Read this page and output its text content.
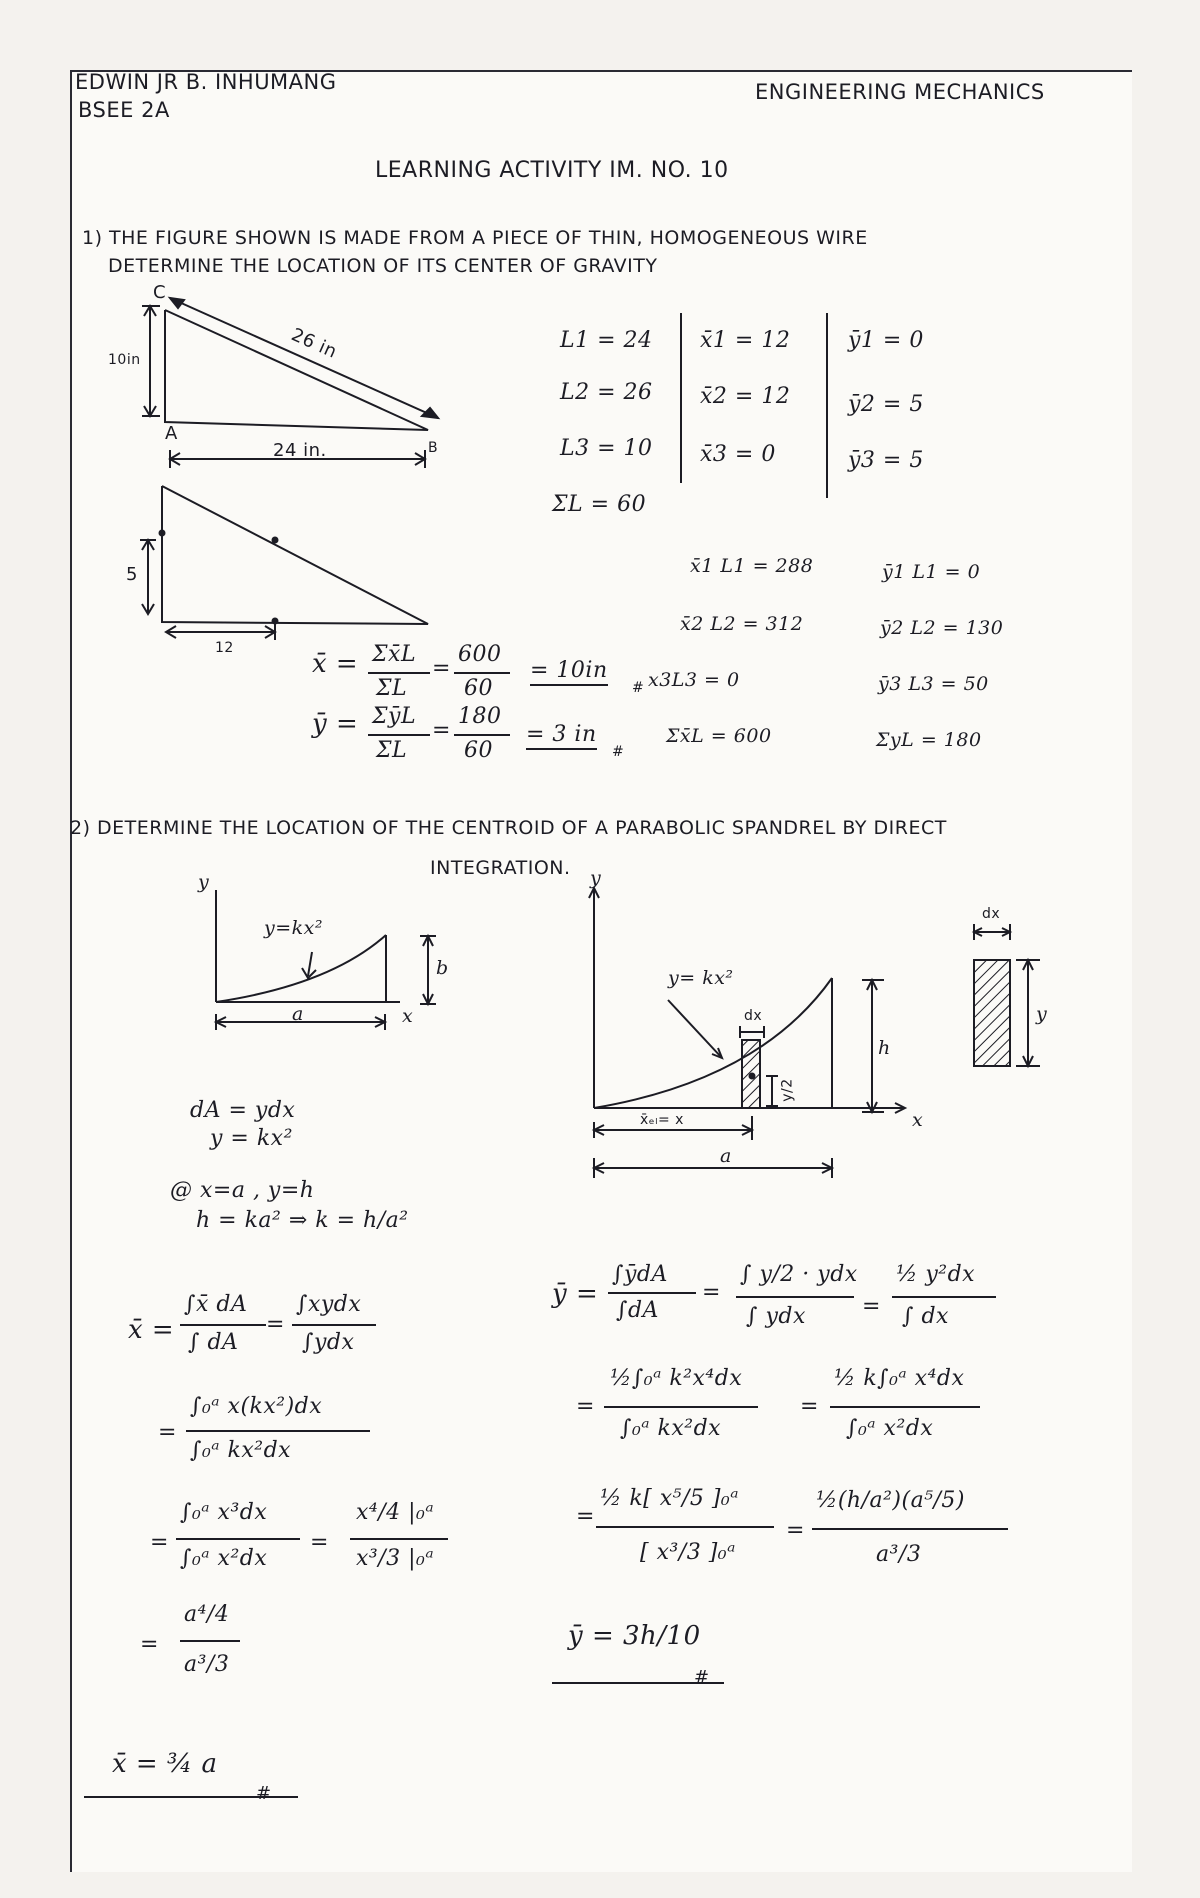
EDWIN JR B. INHUMANG
BSEE 2A
ENGINEERING MECHANICS
LEARNING ACTIVITY IM. NO. 10
1) THE FIGURE SHOWN IS MADE FROM A PIECE OF THIN, HOMOGENEOUS WIRE
DETERMINE THE LOCATION OF ITS CENTER OF GRAVITY
C
A
B
26 in
10in
24 in.
5
12
L1 = 24
L2 = 26
L3 = 10
ΣL = 60
x̄1 = 12
x̄2 = 12
x̄3 = 0
ȳ1 = 0
ȳ2 = 5
ȳ3 = 5
x̄1 L1 = 288
x̄2 L2 = 312
x3L3 = 0
Σx̄L = 600
ȳ1 L1 = 0
ȳ2 L2 = 130
ȳ3 L3 = 50
ΣyL = 180
x̄ = Σx̄L
ΣL
=
600
60
= 10in
#
ȳ = ΣȳL
ΣL
=
180
60
= 3 in
#
2) DETERMINE THE LOCATION OF THE CENTROID OF A PARABOLIC SPANDREL BY DIRECT
INTEGRATION.
y
x
y=kx²
a
b
y
x
y= kx²
dx
h
y/2
x̄ₑₗ= x
a
dx
y
dA = ydx
y = kx²
@ x=a , y=h
h = ka² ⇒ k = h/a²
x̄ =
∫x̄ dA
∫ dA
=
∫xydx
∫ydx
=
∫₀ᵃ x(kx²)dx
∫₀ᵃ kx²dx
=
∫₀ᵃ x³dx
∫₀ᵃ x²dx
=
x⁴/4 |₀ᵃ
x³/3 |₀ᵃ
=
a⁴/4
a³/3
x̄ = ¾ a
#
ȳ =
∫ȳdA
∫dA
=
∫ y/2 · ydx
∫ ydx	=
½ y²dx
∫ dx
=
½∫₀ᵃ k²x⁴dx
∫₀ᵃ kx²dx
=
½ k∫₀ᵃ x⁴dx
∫₀ᵃ x²dx
=
½ k[ x⁵/5 ]₀ᵃ
[ x³/3 ]₀ᵃ
=
½(h/a²)(a⁵/5)
a³/3
ȳ = 3h/10
#
